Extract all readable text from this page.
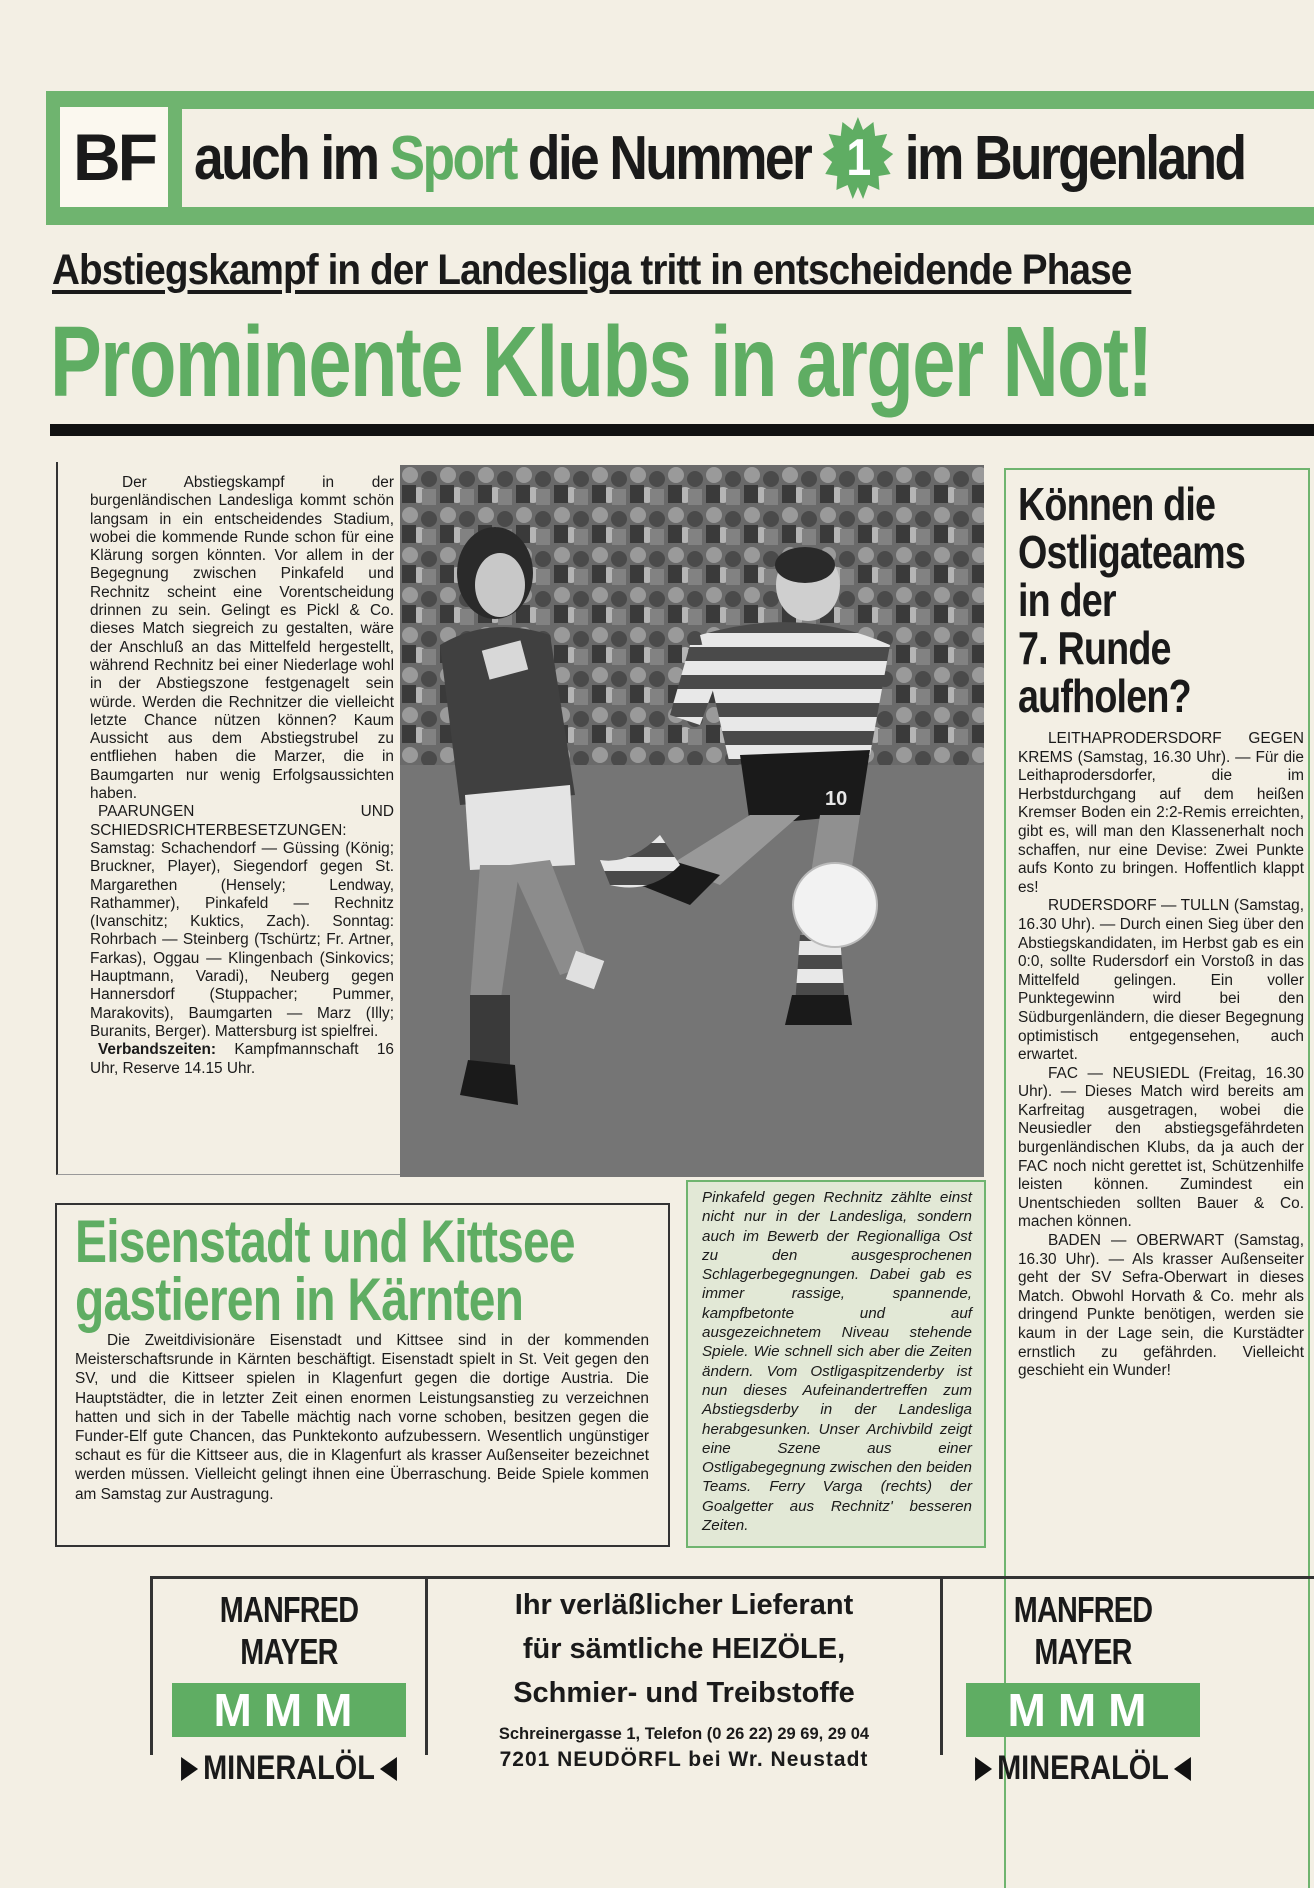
BF auch im Sport die Nummer 1 im Burgenland
Abstiegskampf in der Landesliga tritt in entscheidende Phase
Prominente Klubs in arger Not!

Der Abstiegskampf in der burgenländischen Landesliga kommt schön langsam in ein entscheidendes Stadium, wobei die kommende Runde schon für eine Klärung sorgen könnten. Vor allem in der Begegnung zwischen Pinkafeld und Rechnitz scheint eine Vorentscheidung drinnen zu sein. Gelingt es Pickl & Co. dieses Match siegreich zu gestalten, wäre der Anschluß an das Mittelfeld hergestellt, während Rechnitz bei einer Niederlage wohl in der Abstiegszone festgenagelt sein würde. Werden die Rechnitzer die vielleicht letzte Chance nützen können? Kaum Aussicht aus dem Abstiegstrubel zu entfliehen haben die Marzer, die in Baumgarten nur wenig Erfolgsaussichten haben.

PAARUNGEN UND SCHIEDSRICHTERBESETZUNGEN: Samstag: Schachendorf — Güssing (König; Bruckner, Player), Siegendorf gegen St. Margarethen (Hensely; Lendway, Rathammer), Pinkafeld — Rechnitz (Ivanschitz; Kuktics, Zach). Sonntag: Rohrbach — Steinberg (Tschürtz; Fr. Artner, Farkas), Oggau — Klingenbach (Sinkovics; Hauptmann, Varadi), Neuberg gegen Hannersdorf (Stuppacher; Pummer, Marakovits), Baumgarten — Marz (Illy; Buranits, Berger). Mattersburg ist spielfrei.

Verbandszeiten: Kampfmannschaft 16 Uhr, Reserve 14.15 Uhr.

10
Können die
Ostligateams
in der
7. Runde
aufholen?

LEITHAPRODERSDORF GEGEN KREMS (Samstag, 16.30 Uhr). — Für die Leithaprodersdorfer, die im Herbstdurchgang auf dem heißen Kremser Boden ein 2:2-Remis erreichten, gibt es, will man den Klassenerhalt noch schaffen, nur eine Devise: Zwei Punkte aufs Konto zu bringen. Hoffentlich klappt es!

RUDERSDORF — TULLN (Samstag, 16.30 Uhr). — Durch einen Sieg über den Abstiegskandidaten, im Herbst gab es ein 0:0, sollte Rudersdorf ein Vorstoß in das Mittelfeld gelingen. Ein voller Punktegewinn wird bei den Südburgenländern, die dieser Begegnung optimistisch entgegensehen, auch erwartet.

FAC — NEUSIEDL (Freitag, 16.30 Uhr). — Dieses Match wird bereits am Karfreitag ausgetragen, wobei die Neusiedler den abstiegsgefährdeten burgenländischen Klubs, da ja auch der FAC noch nicht gerettet ist, Schützenhilfe leisten können. Zumindest ein Unentschieden sollten Bauer & Co. machen können.

BADEN — OBERWART (Samstag, 16.30 Uhr). — Als krasser Außenseiter geht der SV Sefra-Oberwart in dieses Match. Obwohl Horvath & Co. mehr als dringend Punkte benötigen, werden sie kaum in der Lage sein, die Kurstädter ernstlich zu gefährden. Vielleicht geschieht ein Wunder!

Eisenstadt und Kittsee
gastieren in Kärnten

Die Zweitdivisionäre Eisenstadt und Kittsee sind in der kommenden Meisterschaftsrunde in Kärnten beschäftigt. Eisenstadt spielt in St. Veit gegen den SV, und die Kittseer spielen in Klagenfurt gegen die dortige Austria. Die Hauptstädter, die in letzter Zeit einen enormen Leistungsanstieg zu verzeichnen hatten und sich in der Tabelle mächtig nach vorne schoben, besitzen gegen die Funder-Elf gute Chancen, das Punktekonto aufzubessern. Wesentlich ungünstiger schaut es für die Kittseer aus, die in Klagenfurt als krasser Außenseiter bezeichnet werden müssen. Vielleicht gelingt ihnen eine Überraschung. Beide Spiele kommen am Samstag zur Austragung.

Pinkafeld gegen Rechnitz zählte einst nicht nur in der Landesliga, sondern auch im Bewerb der Regionalliga Ost zu den ausgesprochenen Schlagerbegegnungen. Dabei gab es immer rassige, spannende, kampfbetonte und auf ausgezeichnetem Niveau stehende Spiele. Wie schnell sich aber die Zeiten ändern. Vom Ostligaspitzenderby ist nun dieses Aufeinandertreffen zum Abstiegsderby in der Landesliga herabgesunken. Unser Archivbild zeigt eine Szene aus einer Ostligabegegnung zwischen den beiden Teams. Ferry Varga (rechts) der Goalgetter aus Rechnitz' besseren Zeiten.

MANFRED MAYER
MMM
MINERALÖL
Ihr verläßlicher Lieferant
für sämtliche HEIZÖLE,
Schmier- und Treibstoffe
Schreinergasse 1, Telefon (0 26 22) 29 69, 29 04
7201 NEUDÖRFL bei Wr. Neustadt
MANFRED MAYER
MMM
MINERALÖL
